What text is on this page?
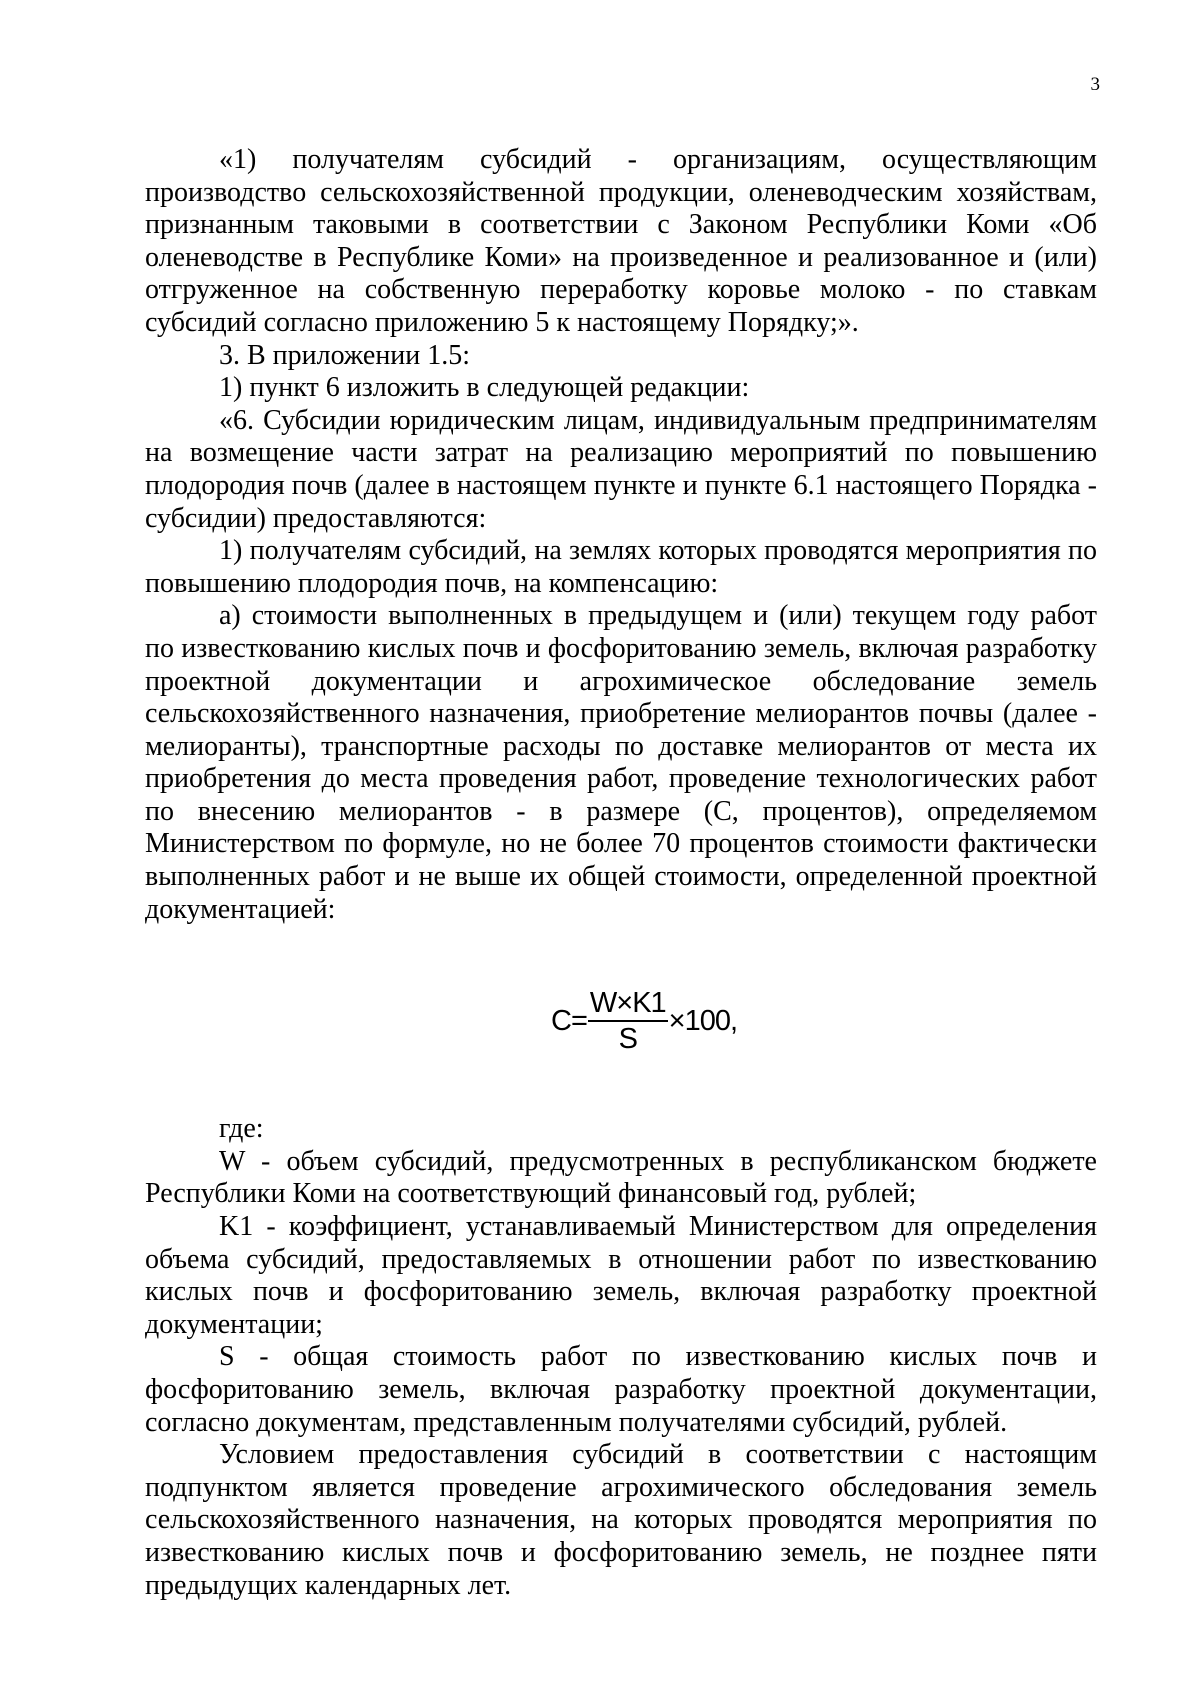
3

«1) получателям субсидий - организациям, осуществляющим производство сельскохозяйственной продукции, оленеводческим хозяйствам, признанным таковыми в соответствии с Законом Республики Коми «Об оленеводстве в Республике Коми» на произведенное и реализованное и (или) отгруженное на собственную переработку коровье молоко - по ставкам субсидий согласно приложению 5 к настоящему Порядку;».

3. В приложении 1.5:

1) пункт 6 изложить в следующей редакции:

«6. Субсидии юридическим лицам, индивидуальным предпринимателям на возмещение части затрат на реализацию мероприятий по повышению плодородия почв (далее в настоящем пункте и пункте 6.1 настоящего Порядка - субсидии) предоставляются:

1) получателям субсидий, на землях которых проводятся мероприятия по повышению плодородия почв, на компенсацию:

а) стоимости выполненных в предыдущем и (или) текущем году работ по известкованию кислых почв и фосфоритованию земель, включая разработку проектной документации и агрохимическое обследование земель сельскохозяйственного назначения, приобретение мелиорантов почвы (далее - мелиоранты), транспортные расходы по доставке мелиорантов от места их приобретения до места проведения работ, проведение технологических работ по внесению мелиорантов - в размере (С, процентов), определяемом Министерством по формуле, но не более 70 процентов стоимости фактически выполненных работ и не выше их общей стоимости, определенной проектной документацией:

$C= \frac{W\times K1}{S} \times 100$,

где:

W - объем субсидий, предусмотренных в республиканском бюджете Республики Коми на соответствующий финансовый год, рублей;

K1 - коэффициент, устанавливаемый Министерством для определения объема субсидий, предоставляемых в отношении работ по известкованию кислых почв и фосфоритованию земель, включая разработку проектной документации;

S - общая стоимость работ по известкованию кислых почв и фосфоритованию земель, включая разработку проектной документации, согласно документам, представленным получателями субсидий, рублей.

Условием предоставления субсидий в соответствии с настоящим подпунктом является проведение агрохимического обследования земель сельскохозяйственного назначения, на которых проводятся мероприятия по известкованию кислых почв и фосфоритованию земель, не позднее пяти предыдущих календарных лет.
